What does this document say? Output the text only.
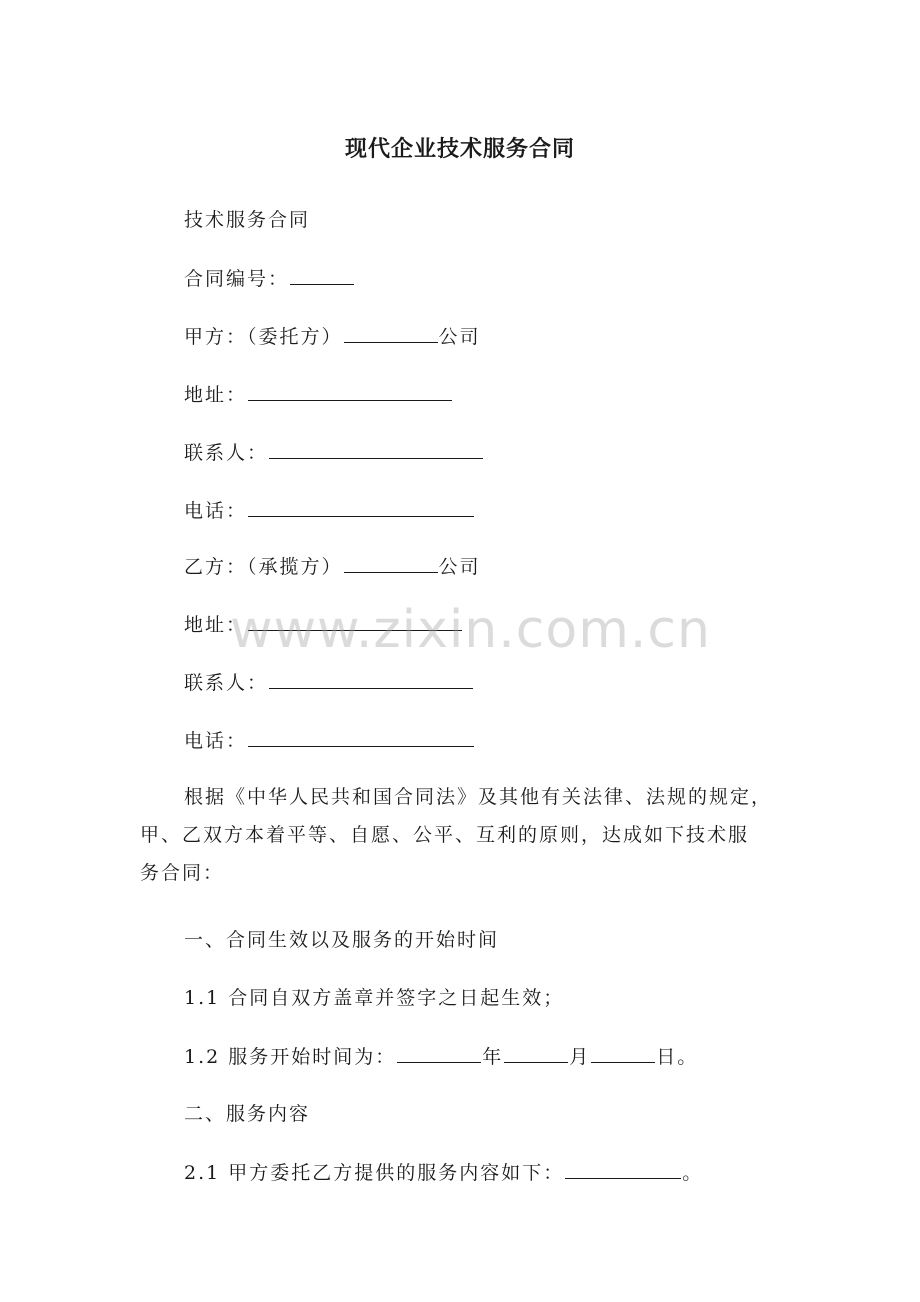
现代企业技术服务合同
技术服务合同
合同编号：
甲方：（委托方）	公司
地址：
联系人：
电话：
乙方：（承揽方）	公司
地址：
联系人：
电话：
根据《中华人民共和国合同法》及其他有关法律、法规的规定，
甲、乙双方本着平等、自愿、公平、互利的原则，达成如下技术服
务合同：
一、合同生效以及服务的开始时间
1.1 合同自双方盖章并签字之日起生效；
1.2 服务开始时间为：	年	月	日。
二、服务内容
2.1 甲方委托乙方提供的服务内容如下：	。
www.zixin.com.cn
